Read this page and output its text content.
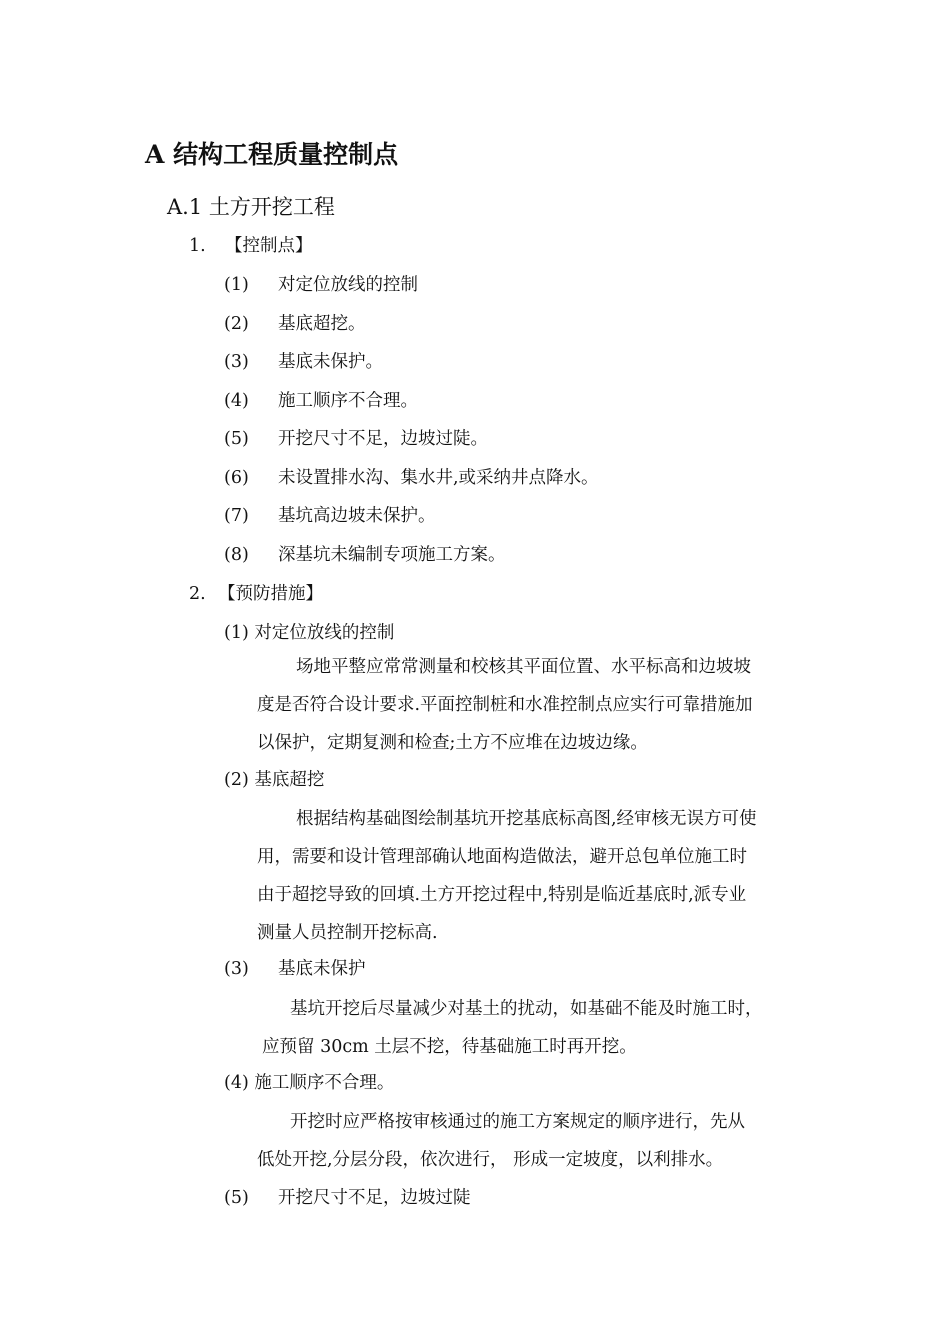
A 结构工程质量控制点
A.1 土方开挖工程
1. 【控制点】
(1) 对定位放线的控制
(2) 基底超挖。
(3) 基底未保护。
(4) 施工顺序不合理。
(5) 开挖尺寸不足，边坡过陡。
(6) 未设置排水沟、集水井,或采纳井点降水。
(7) 基坑高边坡未保护。
(8) 深基坑未编制专项施工方案。
2. 【预防措施】
(1) 对定位放线的控制
场地平整应常常测量和校核其平面位置、水平标高和边坡坡
度是否符合设计要求.平面控制桩和水准控制点应实行可靠措施加
以保护，定期复测和检查;土方不应堆在边坡边缘。
(2) 基底超挖
根据结构基础图绘制基坑开挖基底标高图,经审核无误方可使
用，需要和设计管理部确认地面构造做法，避开总包单位施工时
由于超挖导致的回填.土方开挖过程中,特别是临近基底时,派专业
测量人员控制开挖标高.
(3) 基底未保护
基坑开挖后尽量减少对基土的扰动，如基础不能及时施工时，
应预留 30cm 土层不挖，待基础施工时再开挖。
(4) 施工顺序不合理。
开挖时应严格按审核通过的施工方案规定的顺序进行，先从
低处开挖,分层分段，依次进行， 形成一定坡度，以利排水。
(5) 开挖尺寸不足，边坡过陡
